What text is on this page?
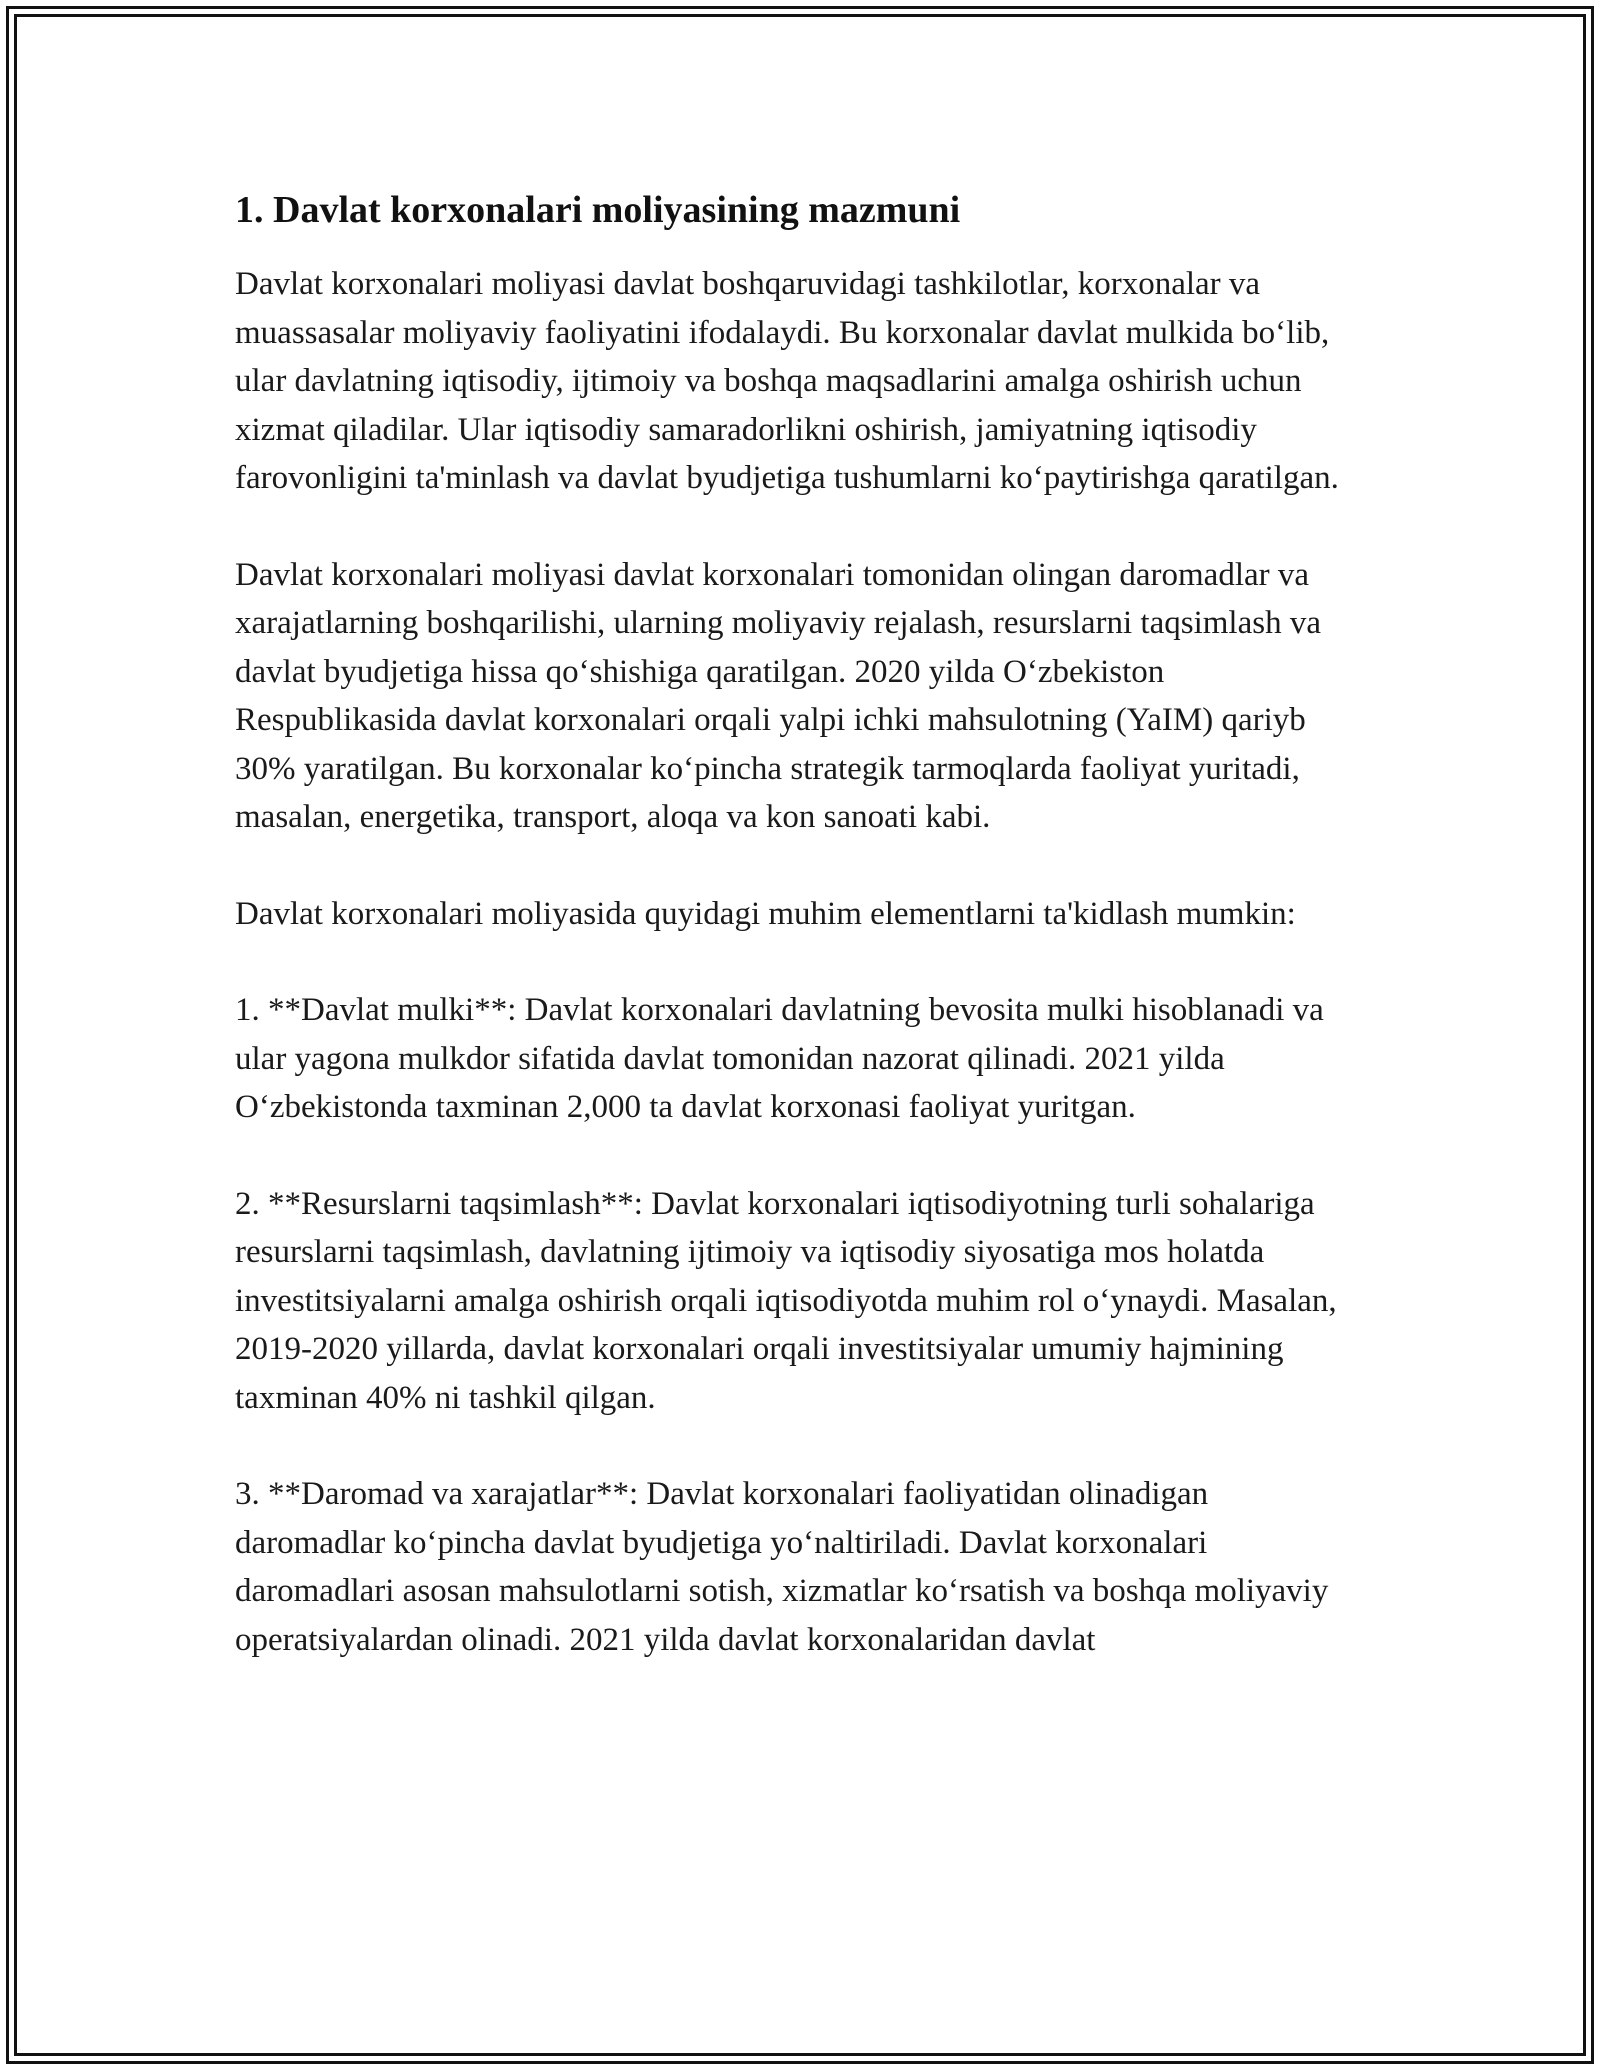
1. Davlat korxonalari moliyasining mazmuni

Davlat korxonalari moliyasi davlat boshqaruvidagi tashkilotlar, korxonalar va muassasalar moliyaviy faoliyatini ifodalaydi. Bu korxonalar davlat mulkida bo‘lib, ular davlatning iqtisodiy, ijtimoiy va boshqa maqsadlarini amalga oshirish uchun xizmat qiladilar. Ular iqtisodiy samaradorlikni oshirish, jamiyatning iqtisodiy farovonligini ta'minlash va davlat byudjetiga tushumlarni ko‘paytirishga qaratilgan.

Davlat korxonalari moliyasi davlat korxonalari tomonidan olingan daromadlar va xarajatlarning boshqarilishi, ularning moliyaviy rejalash, resurslarni taqsimlash va davlat byudjetiga hissa qo‘shishiga qaratilgan. 2020 yilda O‘zbekiston Respublikasida davlat korxonalari orqali yalpi ichki mahsulotning (YaIM) qariyb 30% yaratilgan. Bu korxonalar ko‘pincha strategik tarmoqlarda faoliyat yuritadi, masalan, energetika, transport, aloqa va kon sanoati kabi.

Davlat korxonalari moliyasida quyidagi muhim elementlarni ta'kidlash mumkin:

1. **Davlat mulki**: Davlat korxonalari davlatning bevosita mulki hisoblanadi va ular yagona mulkdor sifatida davlat tomonidan nazorat qilinadi. 2021 yilda O‘zbekistonda taxminan 2,000 ta davlat korxonasi faoliyat yuritgan.

2. **Resurslarni taqsimlash**: Davlat korxonalari iqtisodiyotning turli sohalariga resurslarni taqsimlash, davlatning ijtimoiy va iqtisodiy siyosatiga mos holatda investitsiyalarni amalga oshirish orqali iqtisodiyotda muhim rol o‘ynaydi. Masalan, 2019-2020 yillarda, davlat korxonalari orqali investitsiyalar umumiy hajmining taxminan 40% ni tashkil qilgan.

3. **Daromad va xarajatlar**: Davlat korxonalari faoliyatidan olinadigan daromadlar ko‘pincha davlat byudjetiga yo‘naltiriladi. Davlat korxonalari daromadlari asosan mahsulotlarni sotish, xizmatlar ko‘rsatish va boshqa moliyaviy operatsiyalardan olinadi. 2021 yilda davlat korxonalaridan davlat
